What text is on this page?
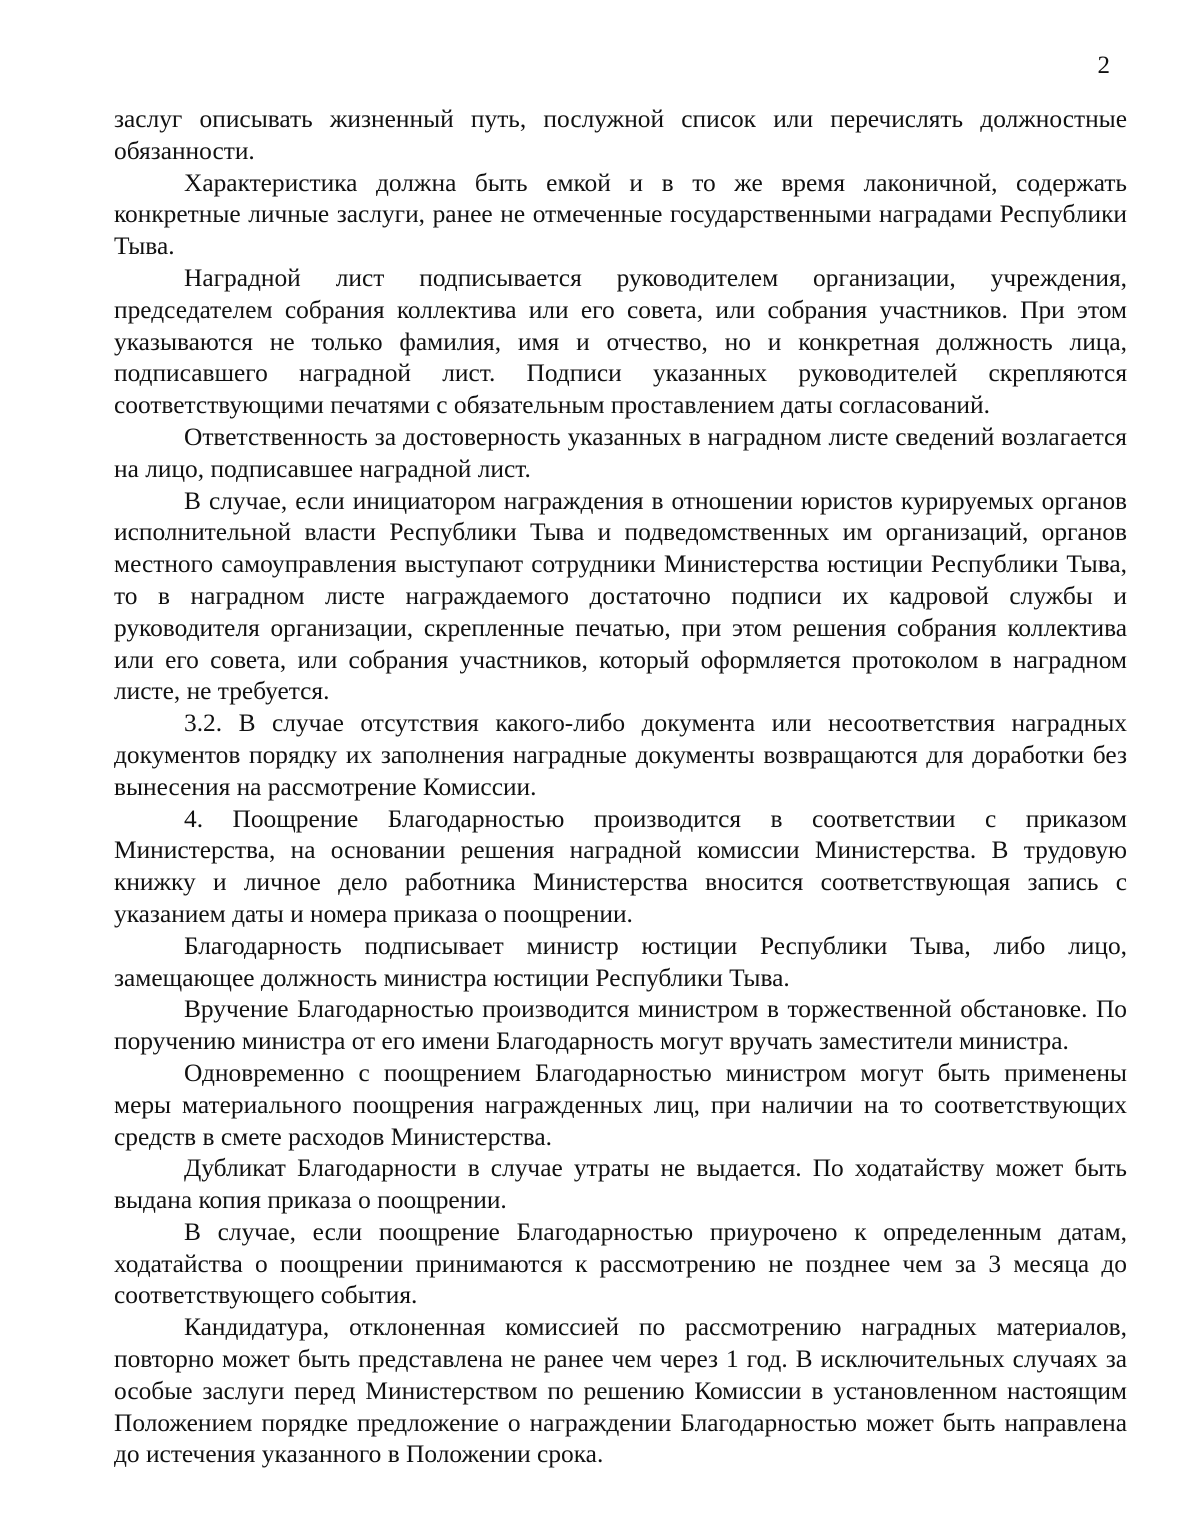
2

заслуг описывать жизненный путь, послужной список или перечислять должностные обязанности.

Характеристика должна быть емкой и в то же время лаконичной, содержать конкретные личные заслуги, ранее не отмеченные государственными наградами Республики Тыва.

Наградной лист подписывается руководителем организации, учреждения, председателем собрания коллектива или его совета, или собрания участников. При этом указываются не только фамилия, имя и отчество, но и конкретная должность лица, подписавшего наградной лист. Подписи указанных руководителей скрепляются соответствующими печатями с обязательным проставлением даты согласований.

Ответственность за достоверность указанных в наградном листе сведений возлагается на лицо, подписавшее наградной лист.

В случае, если инициатором награждения в отношении юристов курируемых органов исполнительной власти Республики Тыва и подведомственных им организаций, органов местного самоуправления выступают сотрудники Министерства юстиции Республики Тыва, то в наградном листе награждаемого достаточно подписи их кадровой службы и руководителя организации, скрепленные печатью, при этом решения собрания коллектива или его совета, или собрания участников, который оформляется протоколом в наградном листе, не требуется.

3.2. В случае отсутствия какого-либо документа или несоответствия наградных документов порядку их заполнения наградные документы возвращаются для доработки без вынесения на рассмотрение Комиссии.

4. Поощрение Благодарностью производится в соответствии с приказом Министерства, на основании решения наградной комиссии Министерства. В трудовую книжку и личное дело работника Министерства вносится соответствующая запись с указанием даты и номера приказа о поощрении.

Благодарность подписывает министр юстиции Республики Тыва, либо лицо, замещающее должность министра юстиции Республики Тыва.

Вручение Благодарностью производится министром в торжественной обстановке. По поручению министра от его имени Благодарность могут вручать заместители министра.

Одновременно с поощрением Благодарностью министром могут быть применены меры материального поощрения награжденных лиц, при наличии на то соответствующих средств в смете расходов Министерства.

Дубликат Благодарности в случае утраты не выдается. По ходатайству может быть выдана копия приказа о поощрении.

В случае, если поощрение Благодарностью приурочено к определенным датам, ходатайства о поощрении принимаются к рассмотрению не позднее чем за 3 месяца до соответствующего события.

Кандидатура, отклоненная комиссией по рассмотрению наградных материалов, повторно может быть представлена не ранее чем через 1 год. В исключительных случаях за особые заслуги перед Министерством по решению Комиссии в установленном настоящим Положением порядке предложение о награждении Благодарностью может быть направлена до истечения указанного в Положении срока.
